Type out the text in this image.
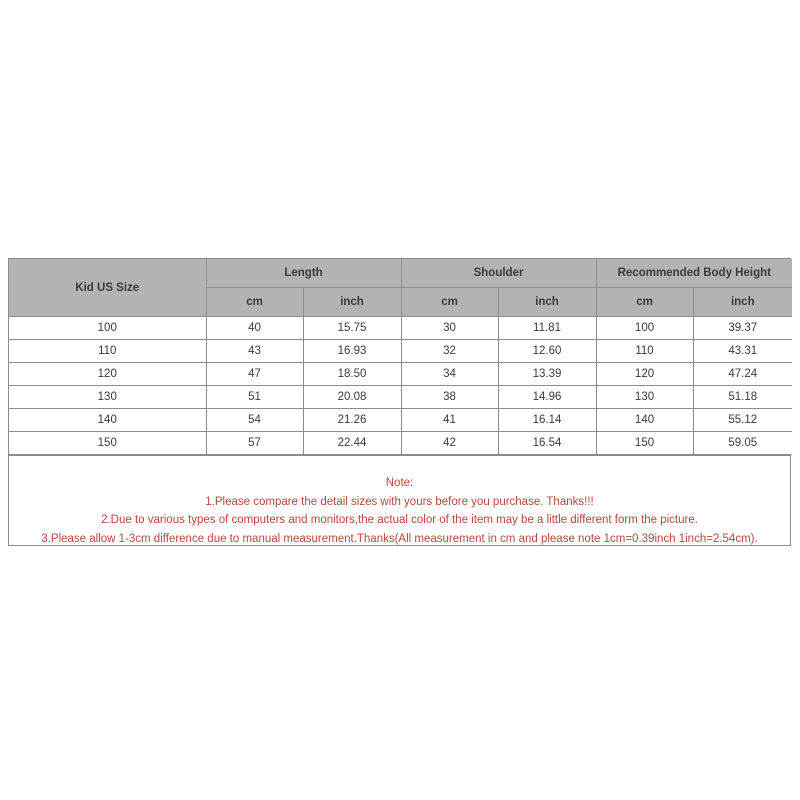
Kid US Size	Length		Shoulder		Recommended Body Height	
	cm	inch	cm	inch	cm	inch
100	40	15.75	30	11.81	100	39.37
110	43	16.93	32	12.60	110	43.31
120	47	18.50	34	13.39	120	47.24
130	51	20.08	38	14.96	130	51.18
140	54	21.26	41	16.14	140	55.12
150	57	22.44	42	16.54	150	59.05
Note:
1.Please compare the detail sizes with yours before you purchase. Thanks!!!
2.Due to various types of computers and monitors,the actual color of the item may be a little different form the picture.
3.Please allow 1-3cm difference due to manual measurement.Thanks(All measurement in cm and please note 1cm=0.39inch 1inch=2.54cm).
